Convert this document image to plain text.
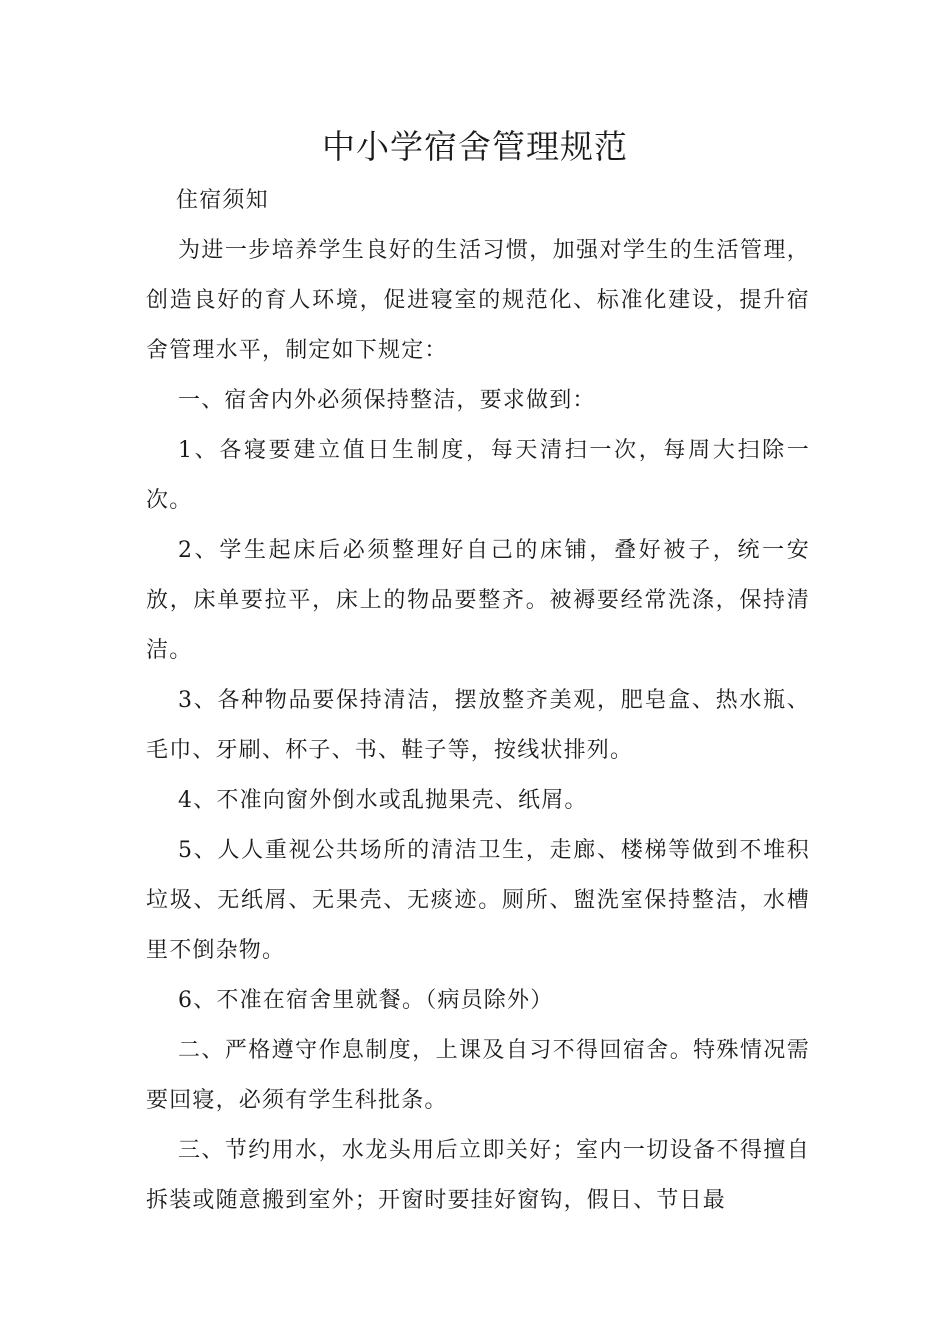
中小学宿舍管理规范

住宿须知

为进一步培养学生良好的生活习惯，加强对学生的生活管理，创造良好的育人环境，促进寝室的规范化、标准化建设，提升宿舍管理水平，制定如下规定：

一、宿舍内外必须保持整洁，要求做到：

1、各寝要建立值日生制度，每天清扫一次，每周大扫除一次。

2、学生起床后必须整理好自己的床铺，叠好被子，统一安放，床单要拉平，床上的物品要整齐。被褥要经常洗涤，保持清洁。

3、各种物品要保持清洁，摆放整齐美观，肥皂盒、热水瓶、毛巾、牙刷、杯子、书、鞋子等，按线状排列。

4、不准向窗外倒水或乱抛果壳、纸屑。

5、人人重视公共场所的清洁卫生，走廊、楼梯等做到不堆积垃圾、无纸屑、无果壳、无痰迹。厕所、盥洗室保持整洁，水槽里不倒杂物。

6、不准在宿舍里就餐。（病员除外）

二、严格遵守作息制度，上课及自习不得回宿舍。特殊情况需要回寝，必须有学生科批条。

三、节约用水，水龙头用后立即关好；室内一切设备不得擅自拆装或随意搬到室外；开窗时要挂好窗钩，假日、节日最
